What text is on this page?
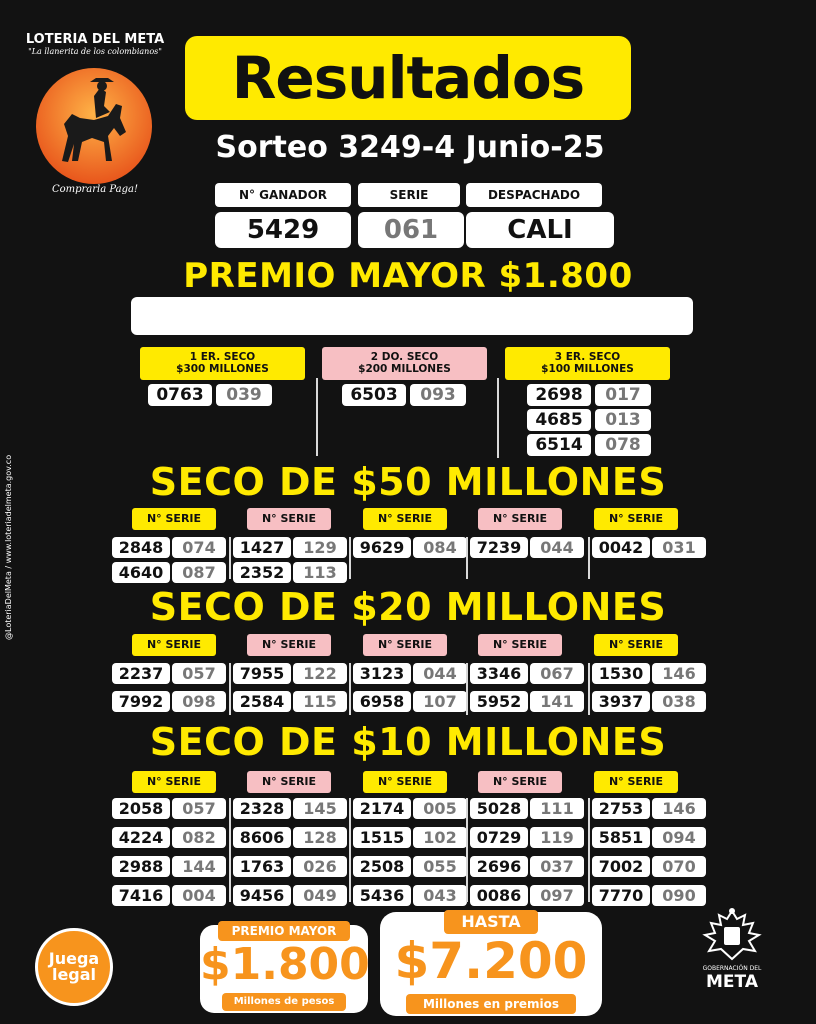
LOTERIA DEL META
"La llanerita de los colombianos"
Comprarla Paga!
Resultados
Sorteo 3249-4 Junio-25
N° GANADOR	SERIE	DESPACHADO
5429	061	CALI
PREMIO MAYOR $1.800
1 ER. SECO
$300 MILLONES
0763	039
2 DO. SECO
$200 MILLONES
6503	093
3 ER. SECO
$100 MILLONES
2698	017
4685	013
6514	078
SECO DE $50 MILLONES
N° SERIE
2848	074
4640	087
N° SERIE
1427	129
2352	113
N° SERIE
9629	084
N° SERIE
7239	044
N° SERIE
0042	031
SECO DE $20 MILLONES
N° SERIE
2237	057
7992	098
N° SERIE
7955	122
2584	115
N° SERIE
3123	044
6958	107
N° SERIE
3346	067
5952	141
N° SERIE
1530	146
3937	038
SECO DE $10 MILLONES
N° SERIE
2058	057
4224	082
2988	144
7416	004
N° SERIE
2328	145
8606	128
1763	026
9456	049
N° SERIE
2174	005
1515	102
2508	055
5436	043
N° SERIE
5028	111
0729	119
2696	037
0086	097
N° SERIE
2753	146
5851	094
7002	070
7770	090
@LoteriaDelMeta / www.loteriadelmeta.gov.co
Juega
legal
PREMIO MAYOR
$1.800
Millones de pesos
HASTA
$7.200
Millones en premios
GOBERNACIÓN DEL
META
